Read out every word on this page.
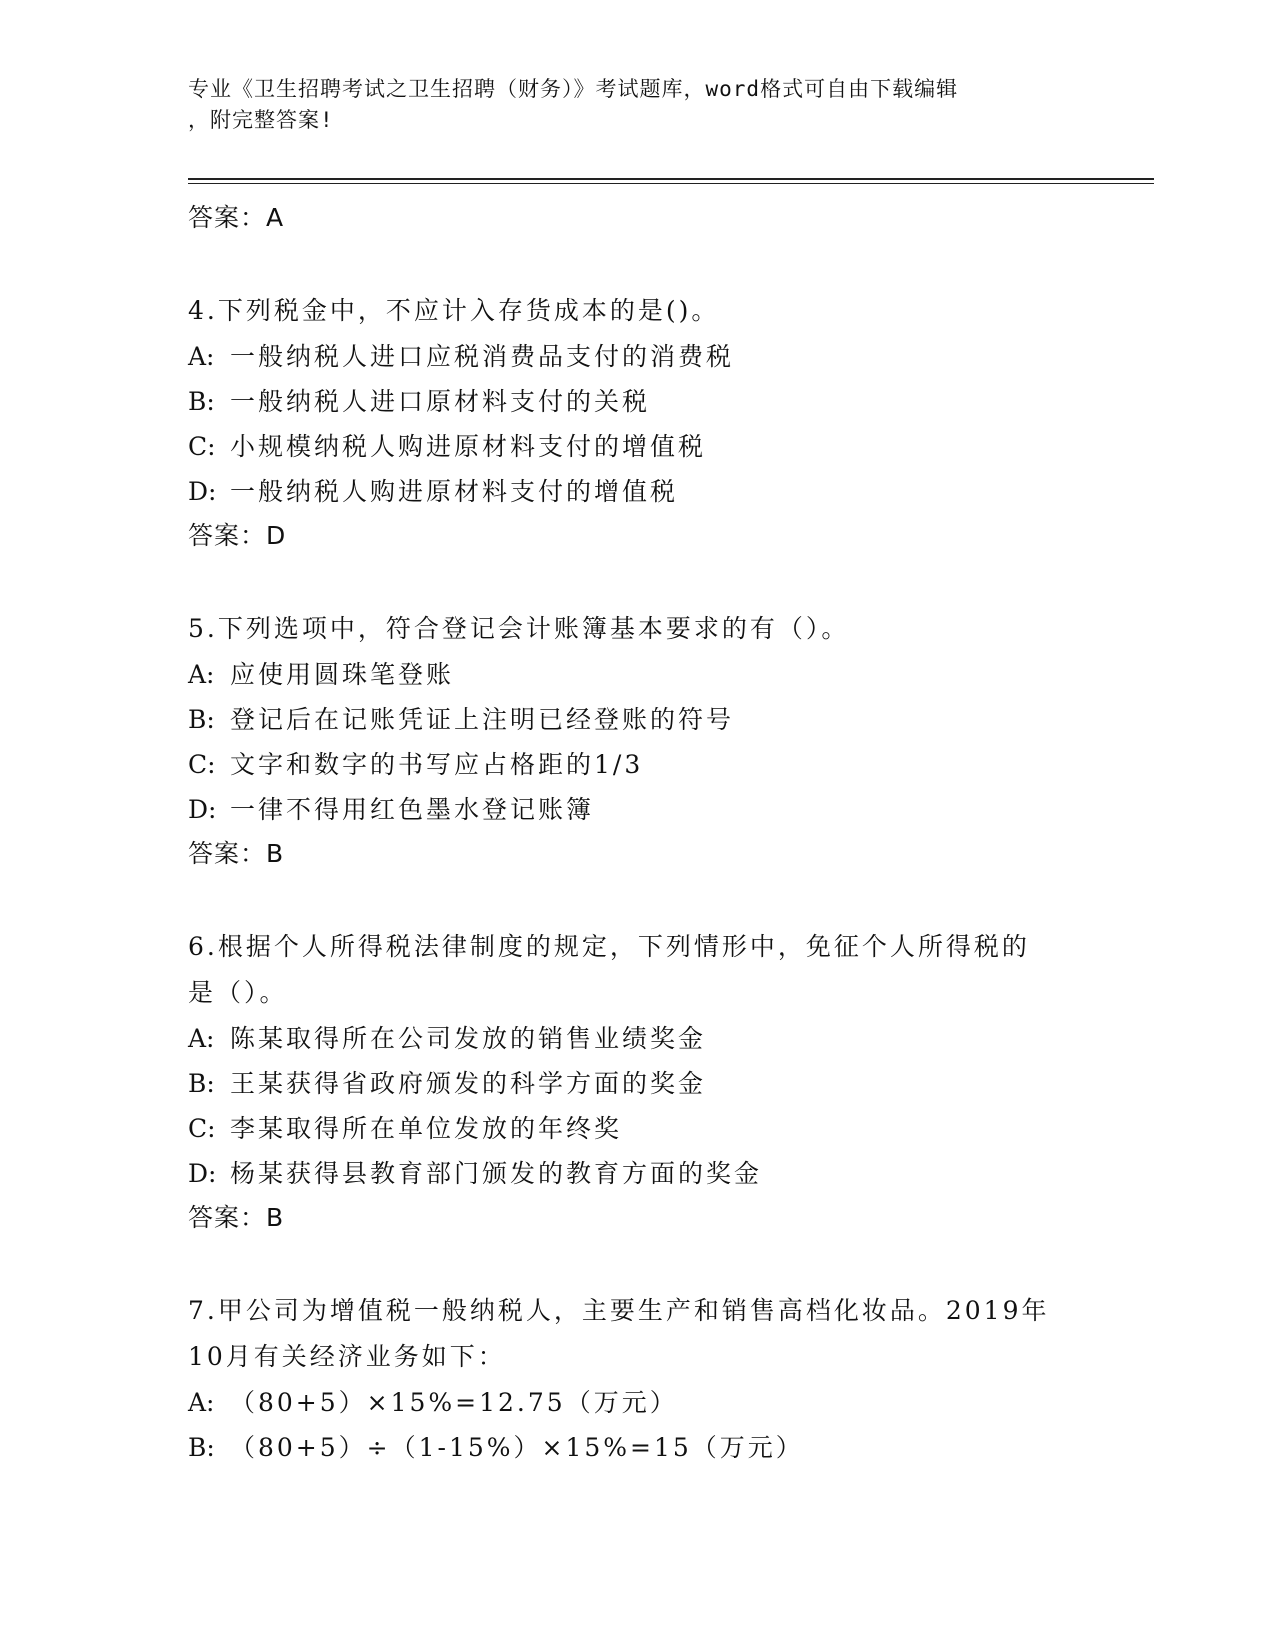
专业《卫生招聘考试之卫生招聘（财务）》考试题库，word格式可自由下载编辑
，附完整答案!
答案：A
4.下列税金中，不应计入存货成本的是()。
A: 一般纳税人进口应税消费品支付的消费税
B: 一般纳税人进口原材料支付的关税
C: 小规模纳税人购进原材料支付的增值税
D: 一般纳税人购进原材料支付的增值税
答案：D
5.下列选项中，符合登记会计账簿基本要求的有（）。
A: 应使用圆珠笔登账
B: 登记后在记账凭证上注明已经登账的符号
C: 文字和数字的书写应占格距的1/3
D: 一律不得用红色墨水登记账簿
答案：B
6.根据个人所得税法律制度的规定，下列情形中，免征个人所得税的
是（）。
A: 陈某取得所在公司发放的销售业绩奖金
B: 王某获得省政府颁发的科学方面的奖金
C: 李某取得所在单位发放的年终奖
D: 杨某获得县教育部门颁发的教育方面的奖金
答案：B
7.甲公司为增值税一般纳税人，主要生产和销售高档化妆品。2019年
10月有关经济业务如下：
A: （80+5）×15%=12.75（万元）
B: （80+5）÷（1-15%）×15%=15（万元）
